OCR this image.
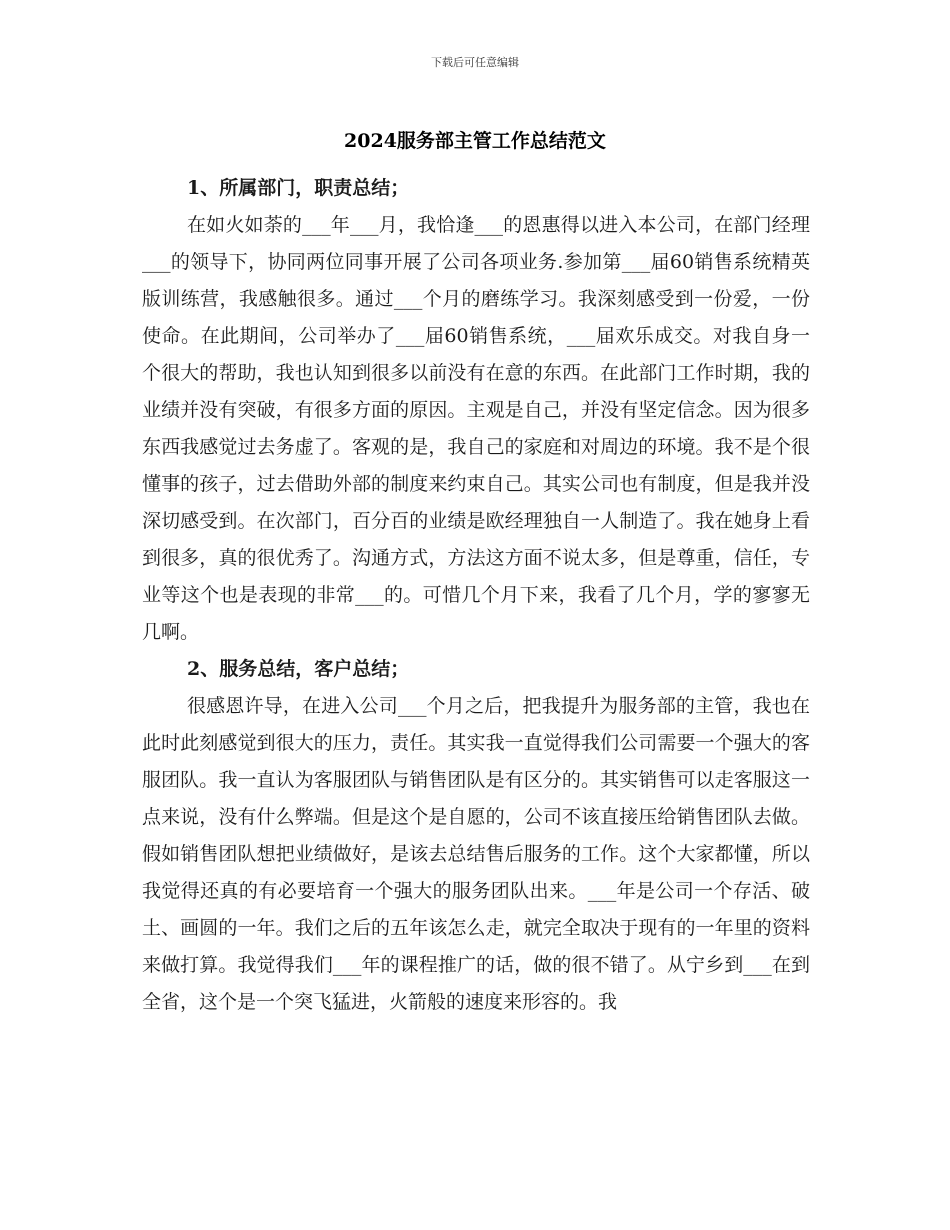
下载后可任意编辑
2024服务部主管工作总结范文

1、所属部门，职责总结；

在如火如荼的___年___月，我恰逢___的恩惠得以进入本公司，在部门经理___的领导下，协同两位同事开展了公司各项业务.参加第___届60销售系统精英版训练营，我感触很多。通过___个月的磨练学习。我深刻感受到一份爱，一份使命。在此期间，公司举办了___届60销售系统，___届欢乐成交。对我自身一个很大的帮助，我也认知到很多以前没有在意的东西。在此部门工作时期，我的业绩并没有突破，有很多方面的原因。主观是自己，并没有坚定信念。因为很多东西我感觉过去务虚了。客观的是，我自己的家庭和对周边的环境。我不是个很懂事的孩子，过去借助外部的制度来约束自己。其实公司也有制度，但是我并没深切感受到。在次部门，百分百的业绩是欧经理独自一人制造了。我在她身上看到很多，真的很优秀了。沟通方式，方法这方面不说太多，但是尊重，信任，专业等这个也是表现的非常___的。可惜几个月下来，我看了几个月，学的寥寥无几啊。

2、服务总结，客户总结；

很感恩许导，在进入公司___个月之后，把我提升为服务部的主管，我也在此时此刻感觉到很大的压力，责任。其实我一直觉得我们公司需要一个强大的客服团队。我一直认为客服团队与销售团队是有区分的。其实销售可以走客服这一点来说，没有什么弊端。但是这个是自愿的，公司不该直接压给销售团队去做。假如销售团队想把业绩做好，是该去总结售后服务的工作。这个大家都懂，所以我觉得还真的有必要培育一个强大的服务团队出来。___年是公司一个存活、破土、画圆的一年。我们之后的五年该怎么走，就完全取决于现有的一年里的资料来做打算。我觉得我们___年的课程推广的话，做的很不错了。从宁乡到___在到全省，这个是一个突飞猛进，火箭般的速度来形容的。我
